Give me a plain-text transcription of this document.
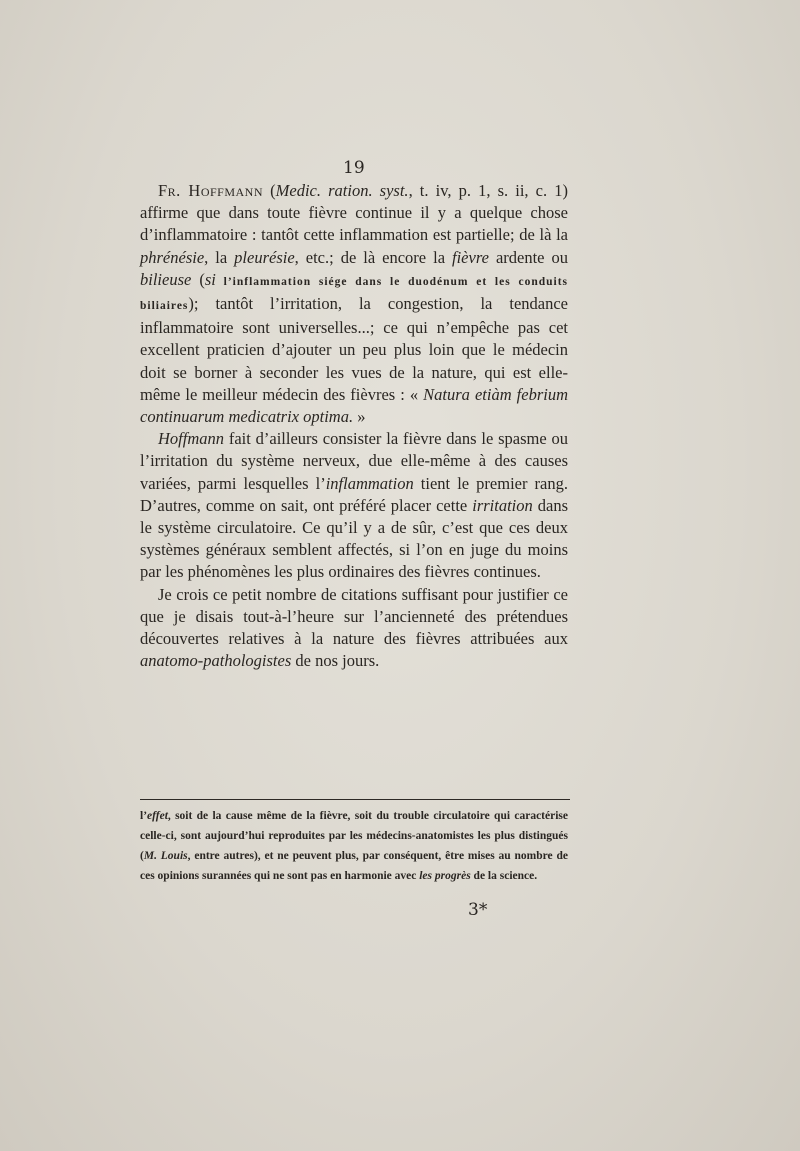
19

Fr. Hoffmann (Medic. ration. syst., t. iv, p. 1, s. ii, c. 1) affirme que dans toute fièvre continue il y a quelque chose d’inflammatoire : tantôt cette inflammation est partielle; de là la phrénésie, la pleurésie, etc.; de là encore la fièvre ardente ou bilieuse (si l’inflammation siége dans le duodénum et les conduits biliaires); tantôt l’irritation, la congestion, la tendance inflammatoire sont universelles...; ce qui n’empêche pas cet excellent praticien d’ajouter un peu plus loin que le médecin doit se borner à seconder les vues de la nature, qui est elle-même le meilleur médecin des fièvres : « Natura etiàm febrium continuarum medicatrix optima. »

Hoffmann fait d’ailleurs consister la fièvre dans le spasme ou l’irritation du système nerveux, due elle-même à des causes variées, parmi lesquelles l’inflammation tient le premier rang. D’autres, comme on sait, ont préféré placer cette irritation dans le système circulatoire. Ce qu’il y a de sûr, c’est que ces deux systèmes généraux semblent affectés, si l’on en juge du moins par les phénomènes les plus ordinaires des fièvres continues.

Je crois ce petit nombre de citations suffisant pour justifier ce que je disais tout-à-l’heure sur l’ancienneté des prétendues découvertes relatives à la nature des fièvres attribuées aux anatomo-pathologistes de nos jours.

l’effet, soit de la cause même de la fièvre, soit du trouble circulatoire qui caractérise celle-ci, sont aujourd’hui reproduites par les médecins-anatomistes les plus distingués (M. Louis, entre autres), et ne peuvent plus, par conséquent, être mises au nombre de ces opinions surannées qui ne sont pas en harmonie avec les progrès de la science.
3*
